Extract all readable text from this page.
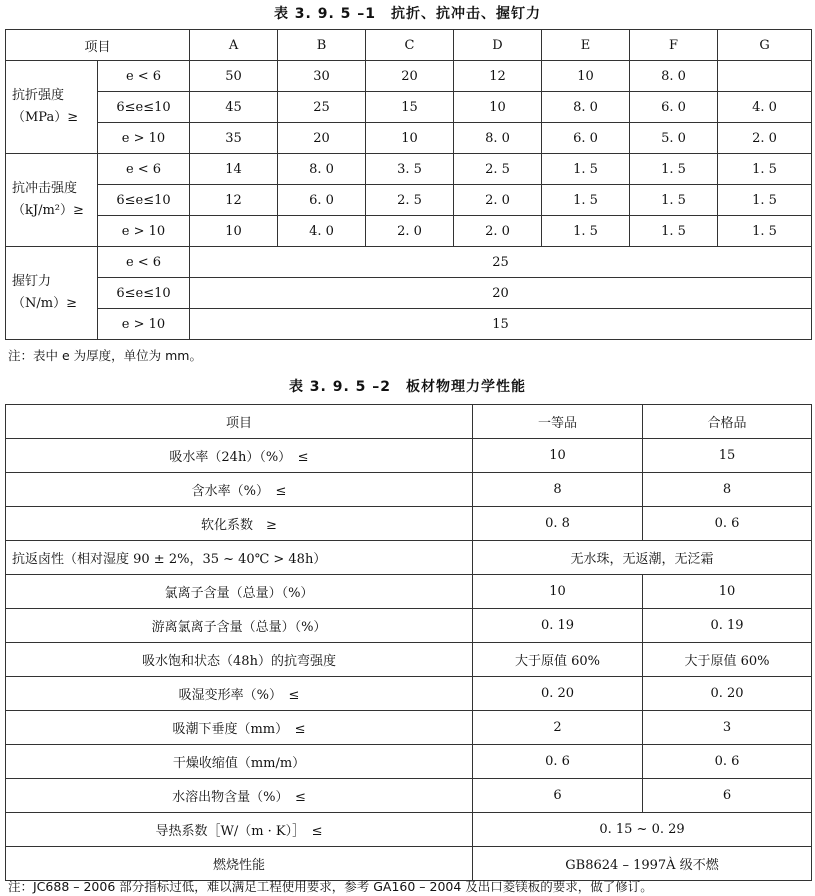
表 3. 9. 5 –1　抗折、抗冲击、握钉力
项目		A	B	C	D	E	F	G

抗折强度
（MPa）≥	e < 6	50	30	20	12	10	8. 0	
	6≤e≤10	45	25	15	10	8. 0	6. 0	4. 0
	e > 10	35	20	10	8. 0	6. 0	5. 0	2. 0

抗冲击强度
（kJ/m²）≥	e < 6	14	8. 0	3. 5	2. 5	1. 5	1. 5	1. 5
	6≤e≤10	12	6. 0	2. 5	2. 0	1. 5	1. 5	1. 5
	e > 10	10	4. 0	2. 0	2. 0	1. 5	1. 5	1. 5

握钉力
（N/m）≥	e < 6	25						
	6≤e≤10	20						
	e > 10	15						
注：表中 e 为厚度，单位为 mm。
表 3. 9. 5 –2　板材物理力学性能
项目	一等品	合格品
吸水率（24h）（%）　≤	10	15
含水率（%）　≤	8	8
软化系数　≥	0. 8	0. 6
抗返卤性（相对湿度 90 ± 2%，35 ~ 40℃ > 48h）	无水珠，无返潮，无泛霜	
氯离子含量（总量）（%）	10	10
游离氯离子含量（总量）（%）	0. 19	0. 19
吸水饱和状态（48h）的抗弯强度	大于原值 60%	大于原值 60%
吸湿变形率（%）　≤	0. 20	0. 20
吸潮下垂度（mm）　≤	2	3
干燥收缩值（mm/m）	0. 6	0. 6
水溶出物含量（%）　≤	6	6
导热系数［W/（m · K）］　≤	0. 15 ~ 0. 29	
燃烧性能	GB8624 – 1997À 级不燃	
注：JC688 – 2006 部分指标过低，难以满足工程使用要求，参考 GA160 – 2004 及出口菱镁板的要求，做了修订。
